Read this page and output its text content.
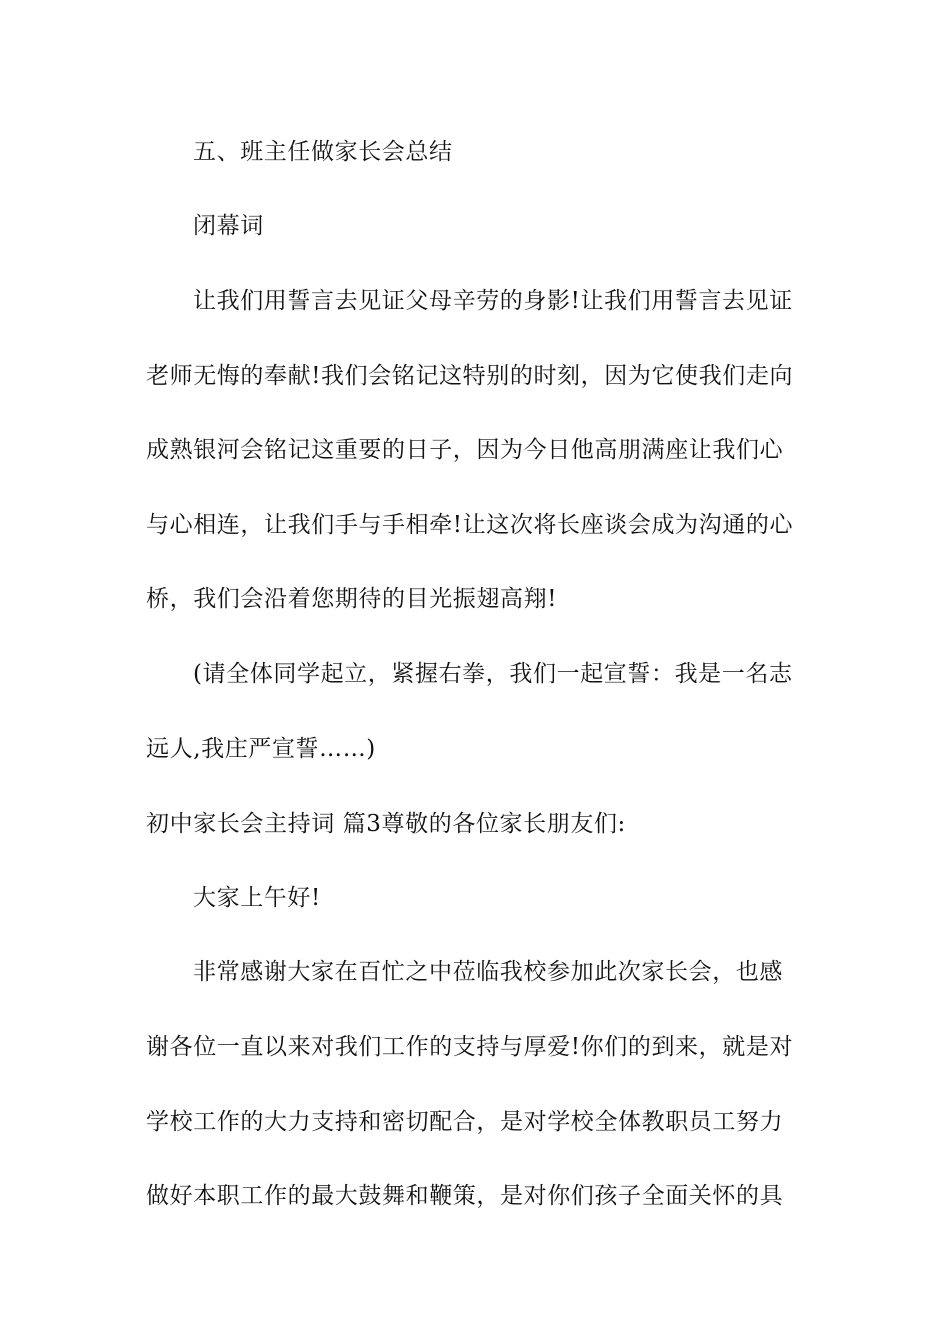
五、班主任做家长会总结
闭幕词
让我们用誓言去见证父母辛劳的身影!让我们用誓言去见证
老师无悔的奉献!我们会铭记这特别的时刻，因为它使我们走向
成熟银河会铭记这重要的日子，因为今日他高朋满座让我们心
与心相连，让我们手与手相牵!让这次将长座谈会成为沟通的心
桥，我们会沿着您期待的目光振翅高翔!
(请全体同学起立，紧握右拳，我们一起宣誓：我是一名志
远人,我庄严宣誓……)
初中家长会主持词 篇3尊敬的各位家长朋友们:
大家上午好!
非常感谢大家在百忙之中莅临我校参加此次家长会，也感
谢各位一直以来对我们工作的支持与厚爱!你们的到来，就是对
学校工作的大力支持和密切配合，是对学校全体教职员工努力
做好本职工作的最大鼓舞和鞭策，是对你们孩子全面关怀的具
